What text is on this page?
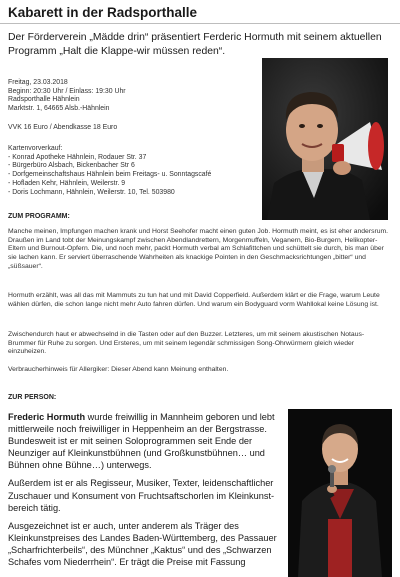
Kabarett in der Radsporthalle
Der Förderverein „Mädde drin“ präsentiert Ferderic Hormuth mit seinem aktuellen Programm „Halt die Klappe-wir müssen reden“.
Freitag, 23.03.2018
Beginn: 20:30 Uhr / Einlass: 19:30 Uhr
Radsporthalle Hähnlein
Marktstr. 1, 64665 Alsb.-Hähnlein
VVK 16 Euro / Abendkasse 18 Euro
Kartenvorverkauf:
- Konrad Apotheke Hähnlein, Rodauer Str. 37
- Bürgerbüro Alsbach, Bickenbacher Str 6
- Dorfgemeinschaftshaus Hähnlein beim Freitags- u. Sonntagscafé
- Hofladen Kehr, Hähnlein, Weilerstr. 9
- Doris Lochmann, Hähnlein, Weilerstr. 10, Tel. 503980
ZUM PROGRAMM:
Manche meinen, Impfungen machen krank und Horst Seehofer macht einen guten Job. Hormuth meint, es ist eher andersrum. Draußen im Land tobt der Meinungskampf zwischen Abendlandrettern, Morgenmuffeln, Veganern, Bio-Burgern, Helikopter-Eltern und Burnout-Opfern. Die, und noch mehr, packt Hormuth verbal am Schlafittchen und schüttelt sie durch, bis man über sie lachen kann. Er serviert überraschende Wahrheiten als knackige Pointen in den Geschmacksrichtungen „bitter“ und „süßsauer“.
Hormuth erzählt, was all das mit Mammuts zu tun hat und mit David Copperfield. Außerdem klärt er die Frage, warum Leute wählen dürfen, die schon lange nicht mehr Auto fahren dürfen. Und warum ein Bodyguard vorm Wahllokal keine Lösung ist.
Zwischendurch haut er abwechselnd in die Tasten oder auf den Buzzer. Letzteres, um mit seinem akustischen Notaus-Brummer für Ruhe zu sorgen. Und Ersteres, um mit seinem legendär schmissigen Song-Ohrwürmern gleich wieder einzuheizen.
Verbraucherhinweis für Allergiker: Dieser Abend kann Meinung enthalten.
ZUR PERSON:

Frederic Hormuth wurde freiwillig in Mannheim geboren und lebt mittlerweile noch freiwilliger in Heppenheim an der Bergstrasse. Bundesweit ist er mit seinen Soloprogrammen seit Ende der Neunziger auf Kleinkunstbühnen (und Großkunstbühnen… und Bühnen ohne Bühne…) unterwegs.

Außerdem ist er als Regisseur, Musiker, Texter, leidenschaftlicher Zuschauer und Konsument von Fruchtsaftschorlen im Kleinkunst-bereich tätig.

Ausgezeichnet ist er auch, unter anderem als Träger des Kleinkunstpreises des Landes Baden-Württemberg, des Passauer „Scharfrichterbeils“, des Münchner „Kaktus“ und des „Schwarzen Schafes vom Niederrhein“. Er trägt die Preise mit Fassung
